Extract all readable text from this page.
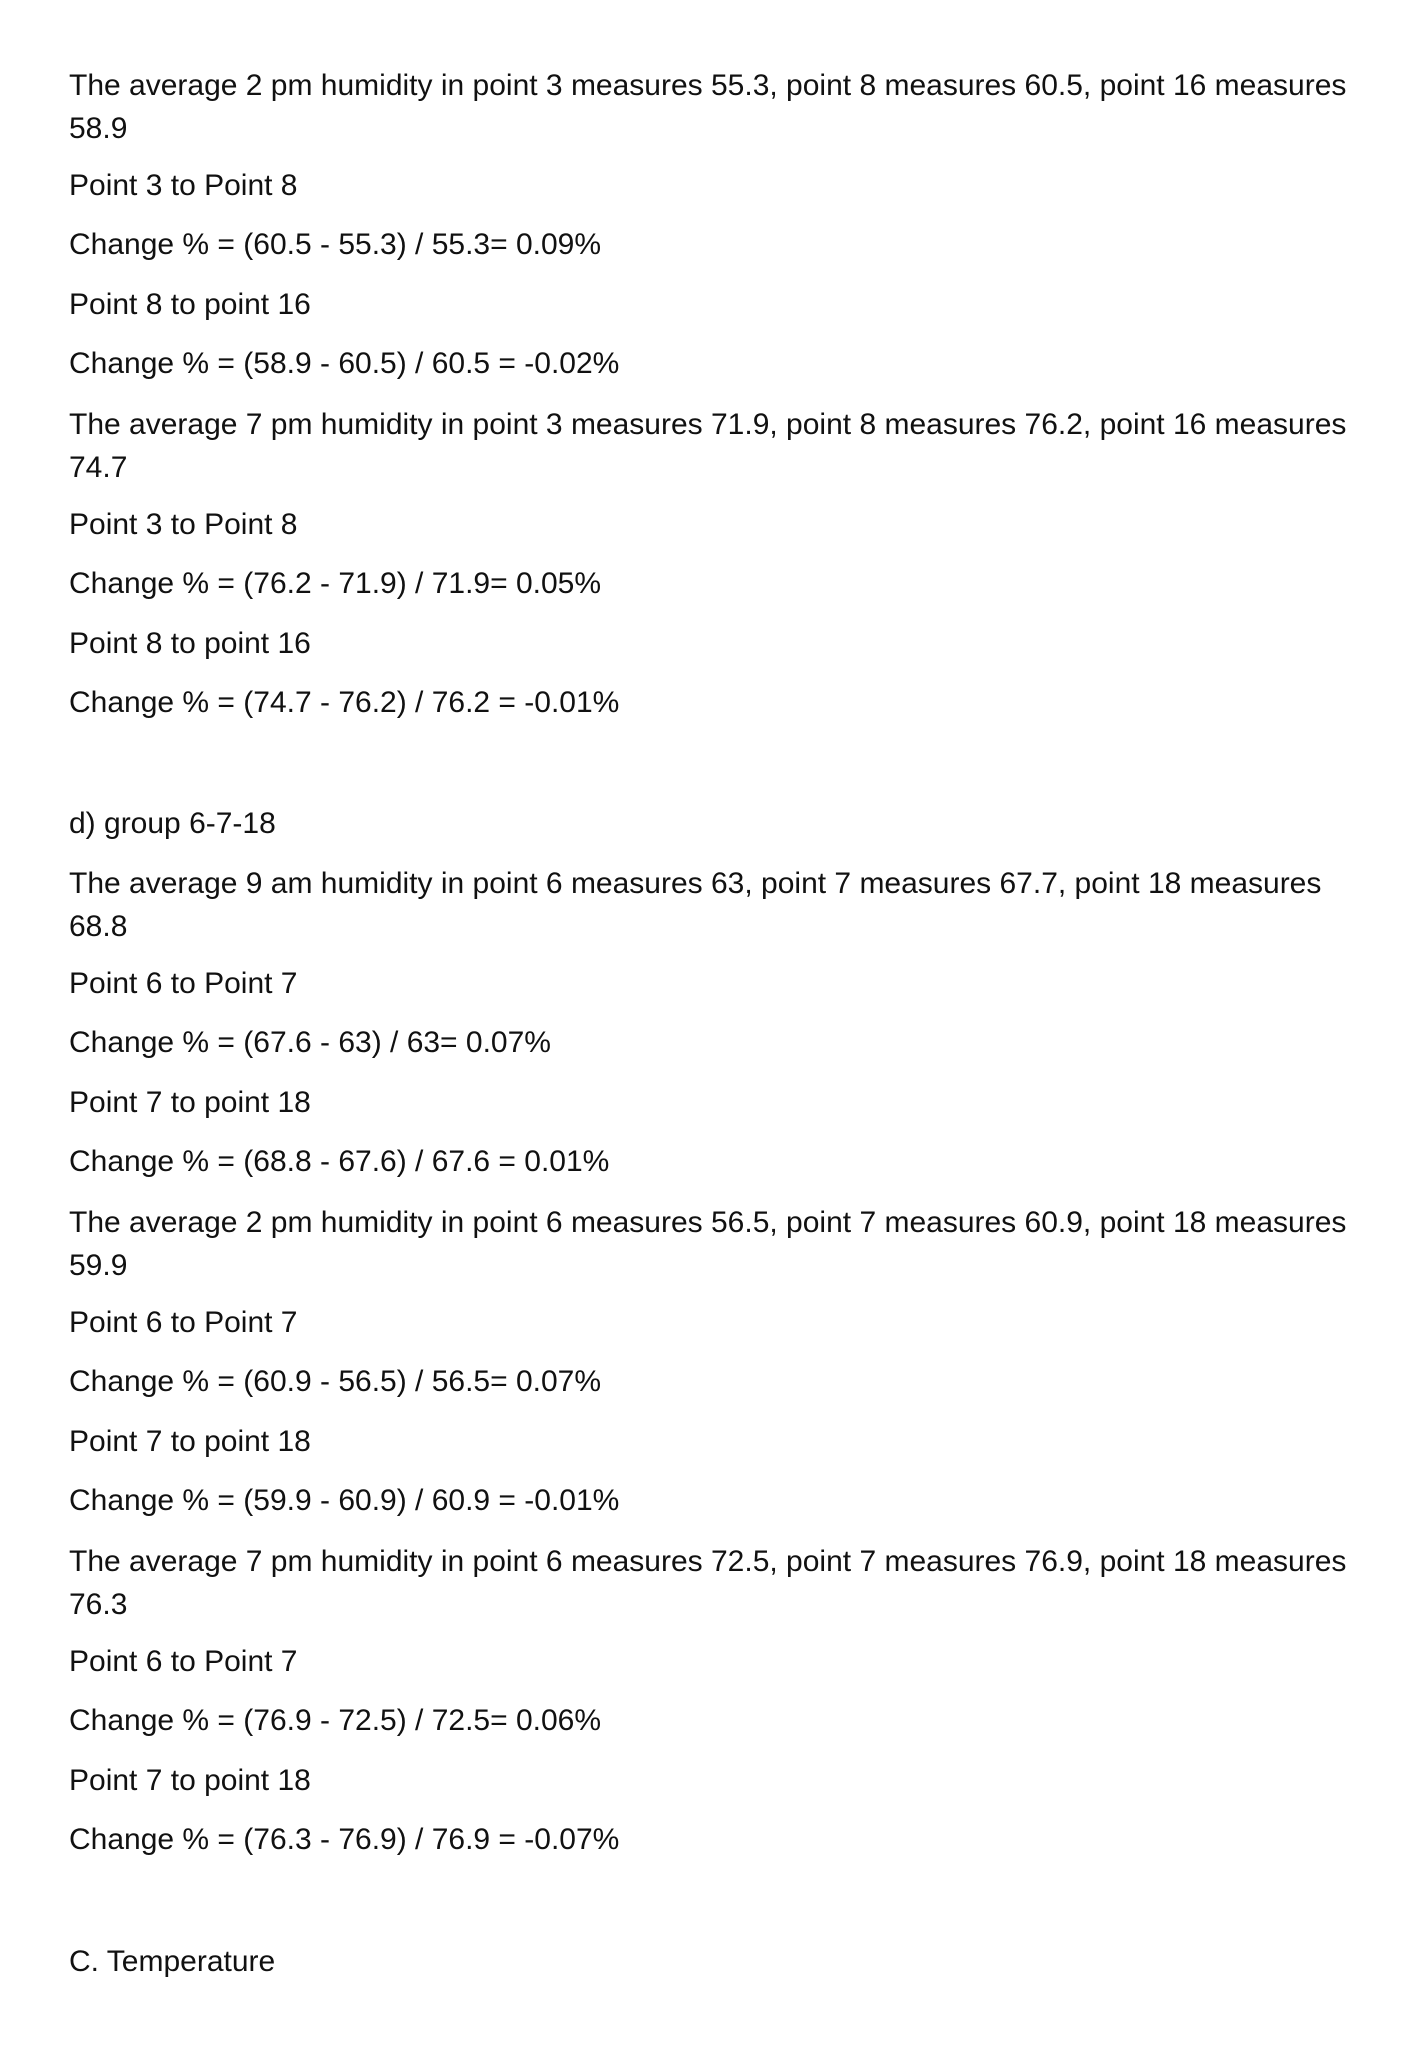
The average 2 pm humidity in point 3 measures 55.3, point 8 measures 60.5, point 16 measures 58.9
Point 3 to Point 8
Change % = (60.5 - 55.3) / 55.3= 0.09%
Point 8 to point 16
Change % = (58.9 - 60.5) / 60.5 = -0.02%
The average 7 pm humidity in point 3 measures 71.9, point 8 measures 76.2, point 16 measures 74.7
Point 3 to Point 8
Change % = (76.2 - 71.9) / 71.9= 0.05%
Point 8 to point 16
Change % = (74.7 - 76.2) / 76.2 = -0.01%
d) group 6-7-18
The average 9 am humidity in point 6 measures 63, point 7 measures 67.7, point 18 measures 68.8
Point 6 to Point 7
Change % = (67.6 - 63) / 63= 0.07%
Point 7 to point 18
Change % = (68.8 - 67.6) / 67.6 = 0.01%
The average 2 pm humidity in point 6 measures 56.5, point 7 measures 60.9, point 18 measures 59.9
Point 6 to Point 7
Change % = (60.9 - 56.5) / 56.5= 0.07%
Point 7 to point 18
Change % = (59.9 - 60.9) / 60.9 = -0.01%
The average 7 pm humidity in point 6 measures 72.5, point 7 measures 76.9, point 18 measures 76.3
Point 6 to Point 7
Change % = (76.9 - 72.5) / 72.5= 0.06%
Point 7 to point 18
Change % = (76.3 - 76.9) / 76.9 = -0.07%
C. Temperature
